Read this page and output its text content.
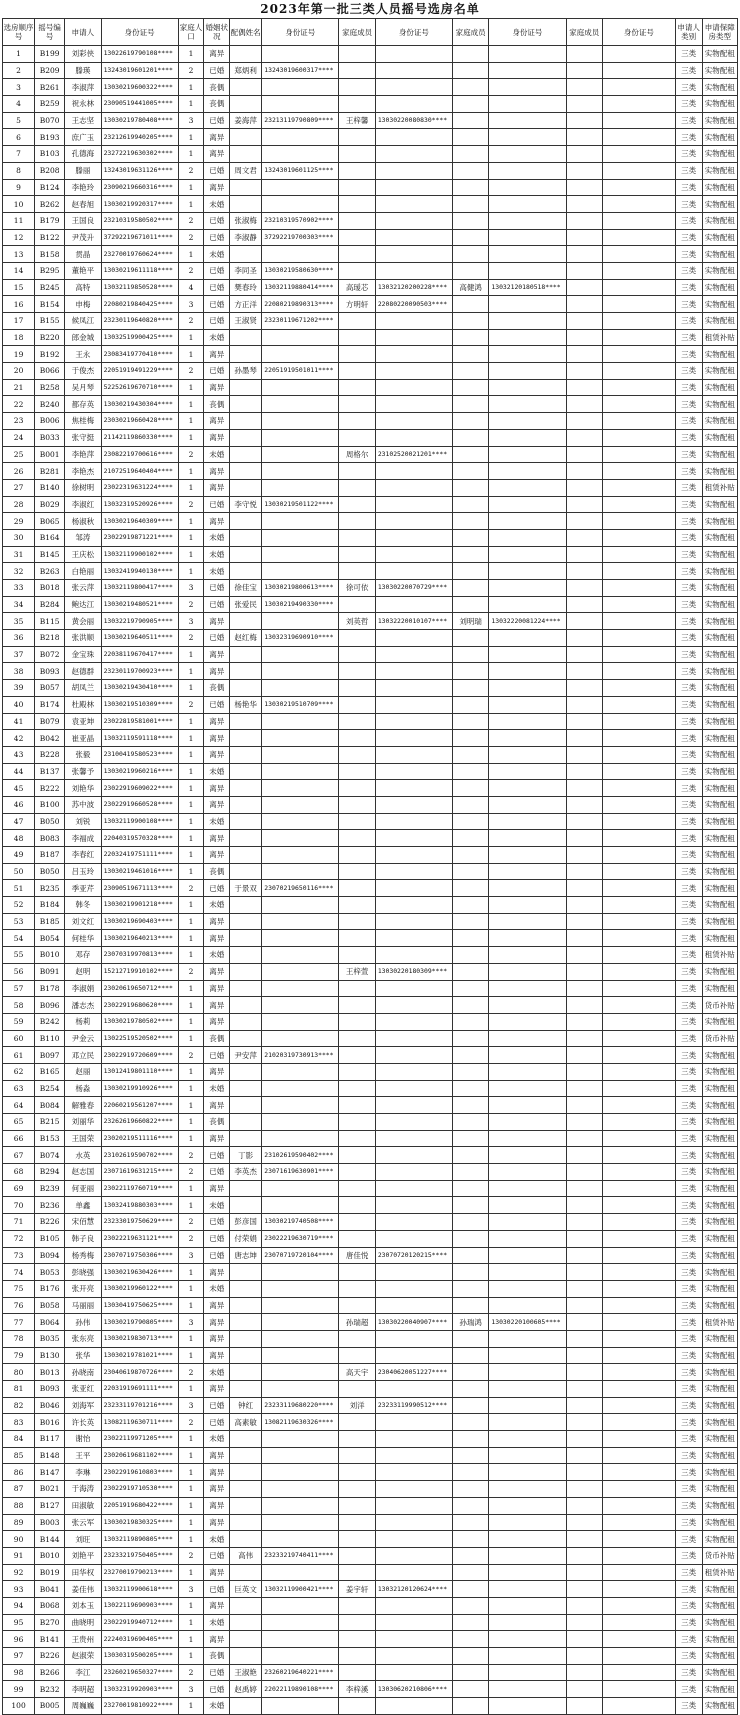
2023年第一批三类人员摇号选房名单
选房顺序号	摇号编号	申请人	身份证号	家庭人口	婚姻状况	配偶姓名	身份证号	家庭成员	身份证号	家庭成员	身份证号	家庭成员	身份证号	申请人类别	申请保障房类型
1	B199	刘彩侠	13022619790108****	1	离异									三类	实物配租
2	B209	滕瑛	13243019601201****	2	已婚	郑炳利	13243019600317****							三类	实物配租
3	B261	李淑萍	13030219600322****	1	丧偶									三类	实物配租
4	B259	祝永林	23090519441005****	1	丧偶									三类	实物配租
5	B070	王志坚	13030219780408****	3	已婚	姜海萍	23213119790809****	王梓馨	13030220080830****					三类	实物配租
6	B193	庶广玉	23212619940205****	1	离异									三类	实物配租
7	B103	孔德海	23272219630302****	1	离异									三类	实物配租
8	B208	滕丽	13243019631126****	2	已婚	周文君	13243019601125****							三类	实物配租
9	B124	李艳玲	23090219660316****	1	离异									三类	实物配租
10	B262	赵春旭	13030219920317****	1	未婚									三类	实物配租
11	B179	王国良	23210319580502****	2	已婚	张淑梅	23210319570902****							三类	实物配租
12	B122	尹茂升	37292219671011****	2	已婚	李淑静	37292219700303****							三类	实物配租
13	B158	贯晶	23270019760624****	1	未婚									三类	实物配租
14	B295	董艳平	13030219611118****	2	已婚	李同圣	13030219580630****							三类	实物配租
15	B245	高特	13032119850528****	4	已婚	樊春玲	13032119880414****	高瑷芯	13032120200228****	高健鸿	13032120180518****			三类	实物配租
16	B154	申梅	22080219840425****	3	已婚	方正洋	22080219890313****	方明轩	22080220090503****					三类	实物配租
17	B155	候凤江	23230119640820****	2	已婚	王淑贤	23230119671202****							三类	实物配租
18	B220	郎金城	13032519900425****	1	未婚									三类	租赁补贴
19	B192	王永	23083419770410****	1	离异									三类	实物配租
20	B066	于俊杰	22051919491229****	2	已婚	孙墨琴	22051919501011****							三类	实物配租
21	B258	吴月琴	52252619670710****	1	离异									三类	实物配租
22	B240	都存英	13030219430304****	1	丧偶									三类	实物配租
23	B006	焦桂梅	23030219660428****	1	离异									三类	实物配租
24	B033	张守挺	21142119860330****	1	离异									三类	实物配租
25	B001	李艳萍	23082219700616****	2	未婚			周格尔	23102520021201****					三类	实物配租
26	B281	李艳杰	21072519640404****	1	离异									三类	实物配租
27	B140	徐树明	23022319631224****	1	离异									三类	租赁补贴
28	B029	李淑红	13032319520926****	2	已婚	李守悦	13030219501122****							三类	实物配租
29	B065	杨淑秋	13030219640309****	1	离异									三类	实物配租
30	B164	邹涛	23022919871221****	1	未婚									三类	实物配租
31	B145	王庆松	13032119900102****	1	未婚									三类	实物配租
32	B263	白艳丽	13032419940130****	1	未婚									三类	实物配租
33	B018	张云萍	13032119800417****	3	已婚	徐佳宝	13030219800613****	徐可依	13030220070729****					三类	实物配租
34	B284	鲍达江	13030219480521****	2	已婚	张爱民	13030219490330****							三类	实物配租
35	B115	黄会丽	13032219790905****	3	离异			刘英哲	13032220010107****	刘明瑞	13032220081224****			三类	实物配租
36	B218	张洪顺	13030219640511****	2	已婚	赵红梅	13032319690910****							三类	实物配租
37	B072	金宝珠	22038119670417****	1	离异									三类	实物配租
38	B093	赵德群	23230119700923****	1	离异									三类	实物配租
39	B057	胡凤兰	13030219430410****	1	丧偶									三类	实物配租
40	B174	杜殿林	13030219510309****	2	已婚	杨艳华	13030219510709****							三类	实物配租
41	B079	袁亚坤	23022819581001****	1	离异									三类	实物配租
42	B042	崔亚晶	13032119591118****	1	离异									三类	实物配租
43	B228	张毅	23100419580523****	1	离异									三类	实物配租
44	B137	张馨予	13030219960216****	1	未婚									三类	实物配租
45	B222	刘艳华	23022919609022****	1	离异									三类	实物配租
46	B100	苏中波	23022919660528****	1	离异									三类	实物配租
47	B050	刘锐	13032119900108****	1	未婚									三类	实物配租
48	B083	李福成	22040319570328****	1	离异									三类	实物配租
49	B187	李春红	22032419751111****	1	离异									三类	实物配租
50	B050	吕玉玲	13030219461016****	1	丧偶									三类	实物配租
51	B235	季亚芹	23090519671113****	2	已婚	于景双	23070219650116****							三类	实物配租
52	B184	韩冬	13030219901218****	1	未婚									三类	实物配租
53	B185	刘文红	13030219690403****	1	离异									三类	实物配租
54	B054	何桂华	13030219640213****	1	离异									三类	实物配租
55	B010	邓存	23070319970813****	1	未婚									三类	租赁补贴
56	B091	赵明	15212719910102****	2	离异			王梓萱	13030220180309****					三类	实物配租
57	B178	李淑娟	23020619650712****	1	离异									三类	实物配租
58	B096	潘志杰	23022919680620****	1	离异									三类	货币补贴
59	B242	杨莉	13030219780502****	1	离异									三类	实物配租
60	B110	尹金云	13022519520502****	1	丧偶									三类	货币补贴
61	B097	邓立民	23022919720609****	2	已婚	尹安萍	21020319730913****							三类	实物配租
62	B165	赵丽	13012419801110****	1	离异									三类	实物配租
63	B254	杨淼	13030219910926****	1	未婚									三类	实物配租
64	B084	解雅春	22060219561207****	1	离异									三类	实物配租
65	B215	刘丽华	23262619660822****	1	丧偶									三类	实物配租
66	B153	王国荣	23020219511116****	1	离异									三类	实物配租
67	B074	水英	23102619590702****	2	已婚	丁影	23102619590402****							三类	实物配租
68	B294	赵志国	23071619631215****	2	已婚	李英杰	23071619630901****							三类	实物配租
69	B239	何亚丽	23022119760719****	1	离异									三类	实物配租
70	B236	单鑫	13032419880303****	1	未婚									三类	实物配租
71	B226	宋佰慧	23233019750629****	2	已婚	彭彦国	13030219740508****							三类	实物配租
72	B105	韩子良	23022219631121****	2	已婚	付荣娟	23022219630719****							三类	实物配租
73	B094	杨秀梅	23070719750306****	3	已婚	唐志坤	23070719720104****	唐佳悦	23070720120215****					三类	实物配租
74	B053	彭晓强	13030219630426****	1	离异									三类	实物配租
75	B176	张开亮	13030219960122****	1	未婚									三类	实物配租
76	B058	马丽丽	13030419750625****	1	离异									三类	实物配租
77	B064	孙伟	13030219790805****	3	离异			孙瑞超	13030220040907****	孙瑞鸿	13030220100605****			三类	租赁补贴
78	B035	张东亮	13030219830713****	1	离异									三类	实物配租
79	B130	张华	13030219781021****	1	离异									三类	实物配租
80	B013	孙晓南	23040619870726****	2	未婚			高天宇	23040620051227****					三类	实物配租
81	B093	张亚红	22031919691111****	1	离异									三类	实物配租
82	B046	刘海军	23233119701216****	3	已婚	钟红	23233119680220****	刘洋	23233119990512****					三类	实物配租
83	B016	许长英	13082119630711****	2	已婚	高素敏	13082119630326****							三类	实物配租
84	B117	谢怡	23022119971205****	1	未婚									三类	实物配租
85	B148	王平	23020619681102****	1	离异									三类	实物配租
86	B147	李琳	23022919610803****	1	离异									三类	实物配租
87	B021	于海涛	23022919710530****	1	离异									三类	实物配租
88	B127	田淑敏	22051919680422****	1	离异									三类	实物配租
89	B003	张云军	13030219830325****	1	离异									三类	实物配租
90	B144	刘旺	13032119890805****	1	未婚									三类	实物配租
91	B010	刘艳平	23233219750405****	2	已婚	高伟	23233219740411****							三类	货币补贴
92	B019	田华权	23270019790213****	1	离异									三类	租赁补贴
93	B041	姜佳伟	13032119900618****	3	已婚	巨英文	13032119900421****	姜宇轩	13032120120624****					三类	实物配租
94	B068	刘本玉	13022119690903****	1	离异									三类	实物配租
95	B270	曲晓明	23022919940712****	1	未婚									三类	实物配租
96	B141	王贵州	22240319690405****	1	离异									三类	实物配租
97	B226	赵淑荣	13030319500205****	1	丧偶									三类	实物配租
98	B266	李江	23260219650327****	2	已婚	王淑艳	23260219640221****							三类	实物配租
99	B232	李明超	13032319920903****	3	已婚	赵禹婷	22022119890108****	李梓溪	13030620210806****					三类	实物配租
100	B005	周巍巍	23270019810922****	1	未婚									三类	实物配租
